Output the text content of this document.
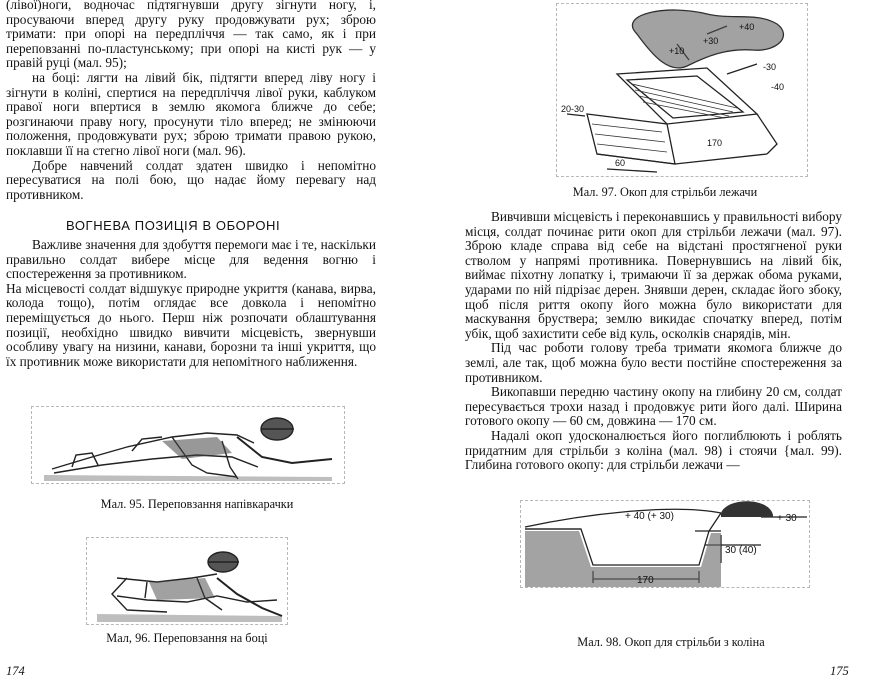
(лівої)ноги, водночас підтягнувши другу зігнути ногу, і, просуваючи вперед другу руку продовжувати рух; зброю тримати: при опорі на передпліччя — так само, як і при переповзанні по-пластунському; при опорі на кисті рук — у правій руці (мал. 95);

на боці: лягти на лівий бік, підтягти вперед ліву ногу і зігнути в коліні, спертися на передпліччя лівої руки, каблуком правої ноги впертися в землю якомога ближче до себе; розгинаючи праву ногу, просунути тіло вперед; не змінюючи положення, продовжувати рух; зброю тримати правою рукою, поклавши її на стегно лівої ноги (мал. 96).

Добре навчений солдат здатен швидко і непомітно пересуватися на полі бою, що надає йому перевагу над противником.

ВОГНЕВА ПОЗИЦІЯ В ОБОРОНІ

Важливе значення для здобуття перемоги має і те, наскільки правильно солдат вибере місце для ведення вогню і спостереження за противником.

На місцевості солдат відшукує природне укриття (канава, вирва, колода тощо), потім оглядає все довкола і непомітно переміщується до нього. Перш ніж розпочати облаштування позиції, необхідно швидко вивчити місцевість, звернувши особливу увагу на низини, канави, борозни та інші укриття, що їх противник може використати для непомітного наближення.

Мал. 95. Переповзання напівкарачки

Мал, 96. Переповзання на боці

174

+10
+30
+40
-30
-40
20-30
170
60

Мал. 97. Окоп для стрільби лежачи

Вивчивши місцевість і переконавшись у правильності вибору місця, солдат починає рити окоп для стрільби лежачи (мал. 97). Зброю кладе справа від себе на відстані простягненої руки стволом у напрямі противника. Повернувшись на лівий бік, виймає піхотну лопатку і, тримаючи її за держак обома руками, ударами по ній підрізає дерен. Знявши дерен, складає його збоку, щоб після риття окопу його можна було використати для маскування бруствера; землю викидає спочатку вперед, потім убік, щоб захистити себе від куль, осколків снарядів, мін.

Під час роботи голову треба тримати якомога ближче до землі, але так, щоб можна було вести постійне спостереження за противником.

Викопавши передню частину окопу на глибину 20 см, солдат пересувається трохи назад і продовжує рити його далі. Ширина готового окопу — 60 см, довжина — 170 см.

Надалі окоп удосконалюється його поглиблюють і роблять придатним для стрільби з коліна (мал. 98) і стоячи {мал. 99). Глибина готового окопу: для стрільби лежачи —

+ 40 (+ 30)	+ 30
30 (40)
170

Мал. 98. Окоп для стрільби з коліна

175
